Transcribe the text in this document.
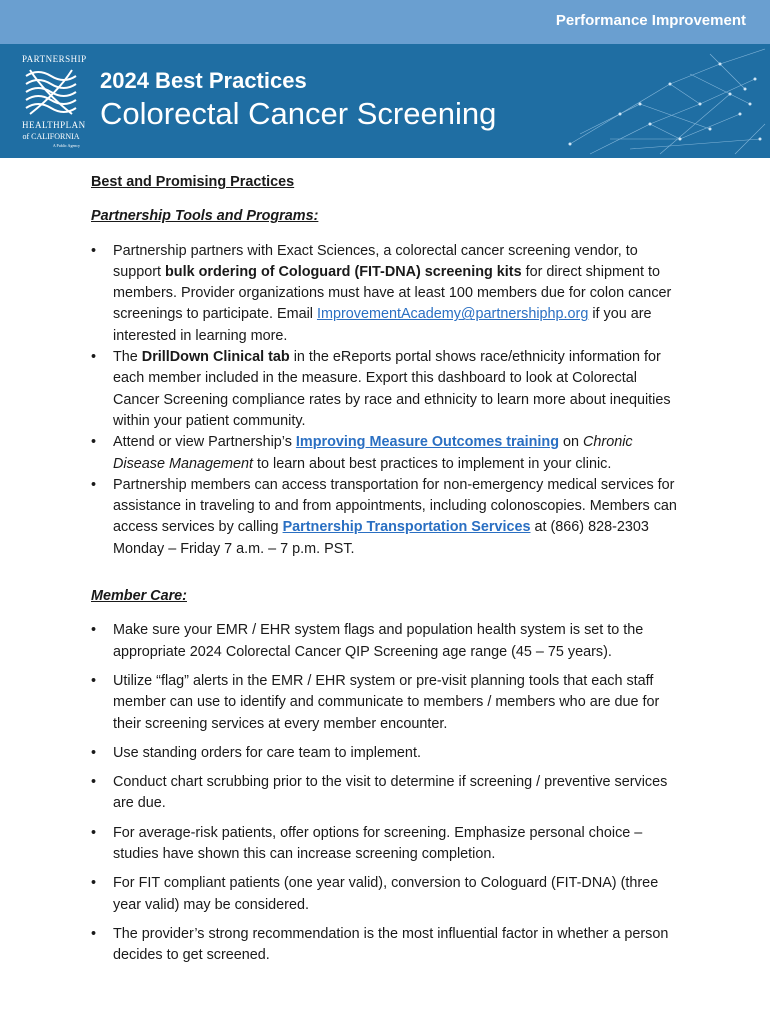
Performance Improvement
PARTNERSHIP
HEALTHPLAN
of CALIFORNIA
A Public Agency
2024 Best Practices
Colorectal Cancer Screening
Best and Promising Practices
Partnership Tools and Programs:
• Partnership partners with Exact Sciences, a colorectal cancer screening vendor, to support bulk ordering of Cologuard (FIT-DNA) screening kits for direct shipment to members. Provider organizations must have at least 100 members due for colon cancer screenings to participate. Email ImprovementAcademy@partnershiphp.org if you are interested in learning more.
• The DrillDown Clinical tab in the eReports portal shows race/ethnicity information for each member included in the measure. Export this dashboard to look at Colorectal Cancer Screening compliance rates by race and ethnicity to learn more about inequities within your patient community.
• Attend or view Partnership’s Improving Measure Outcomes training on Chronic Disease Management to learn about best practices to implement in your clinic.
• Partnership members can access transportation for non-emergency medical services for assistance in traveling to and from appointments, including colonoscopies. Members can access services by calling Partnership Transportation Services at (866) 828-2303 Monday – Friday 7 a.m. – 7 p.m. PST.
Member Care:
• Make sure your EMR / EHR system flags and population health system is set to the appropriate 2024 Colorectal Cancer QIP Screening age range (45 – 75 years).
• Utilize “flag” alerts in the EMR / EHR system or pre-visit planning tools that each staff member can use to identify and communicate to members / members who are due for their screening services at every member encounter.
• Use standing orders for care team to implement.
• Conduct chart scrubbing prior to the visit to determine if screening / preventive services are due.
• For average-risk patients, offer options for screening. Emphasize personal choice – studies have shown this can increase screening completion.
• For FIT compliant patients (one year valid), conversion to Cologuard (FIT-DNA) (three year valid) may be considered.
• The provider’s strong recommendation is the most influential factor in whether a person decides to get screened.
